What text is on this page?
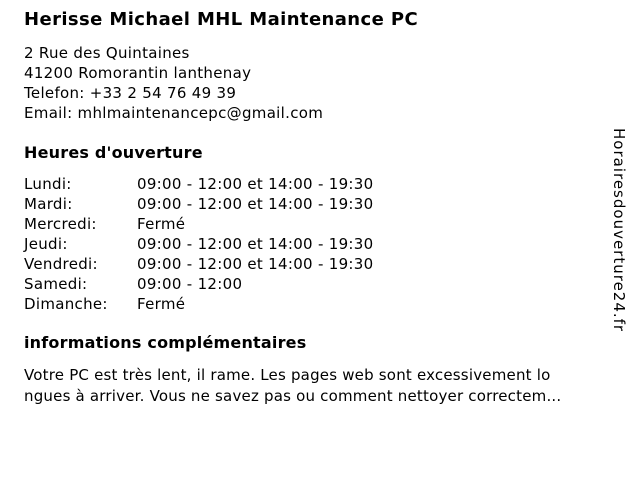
Herisse Michael MHL Maintenance PC
2 Rue des Quintaines
41200 Romorantin lanthenay
Telefon: +33 2 54 76 49 39
Email: mhlmaintenancepc@gmail.com
Heures d'ouverture
Lundi:	09:00 - 12:00 et 14:00 - 19:30
Mardi:	09:00 - 12:00 et 14:00 - 19:30
Mercredi:	Fermé
Jeudi:	09:00 - 12:00 et 14:00 - 19:30
Vendredi:	09:00 - 12:00 et 14:00 - 19:30
Samedi:	09:00 - 12:00
Dimanche: Fermé
informations complémentaires
Votre PC est très lent, il rame. Les pages web sont excessivement lo
ngues à arriver. Vous ne savez pas ou comment nettoyer correctem...
Horairesdouverture24.fr
